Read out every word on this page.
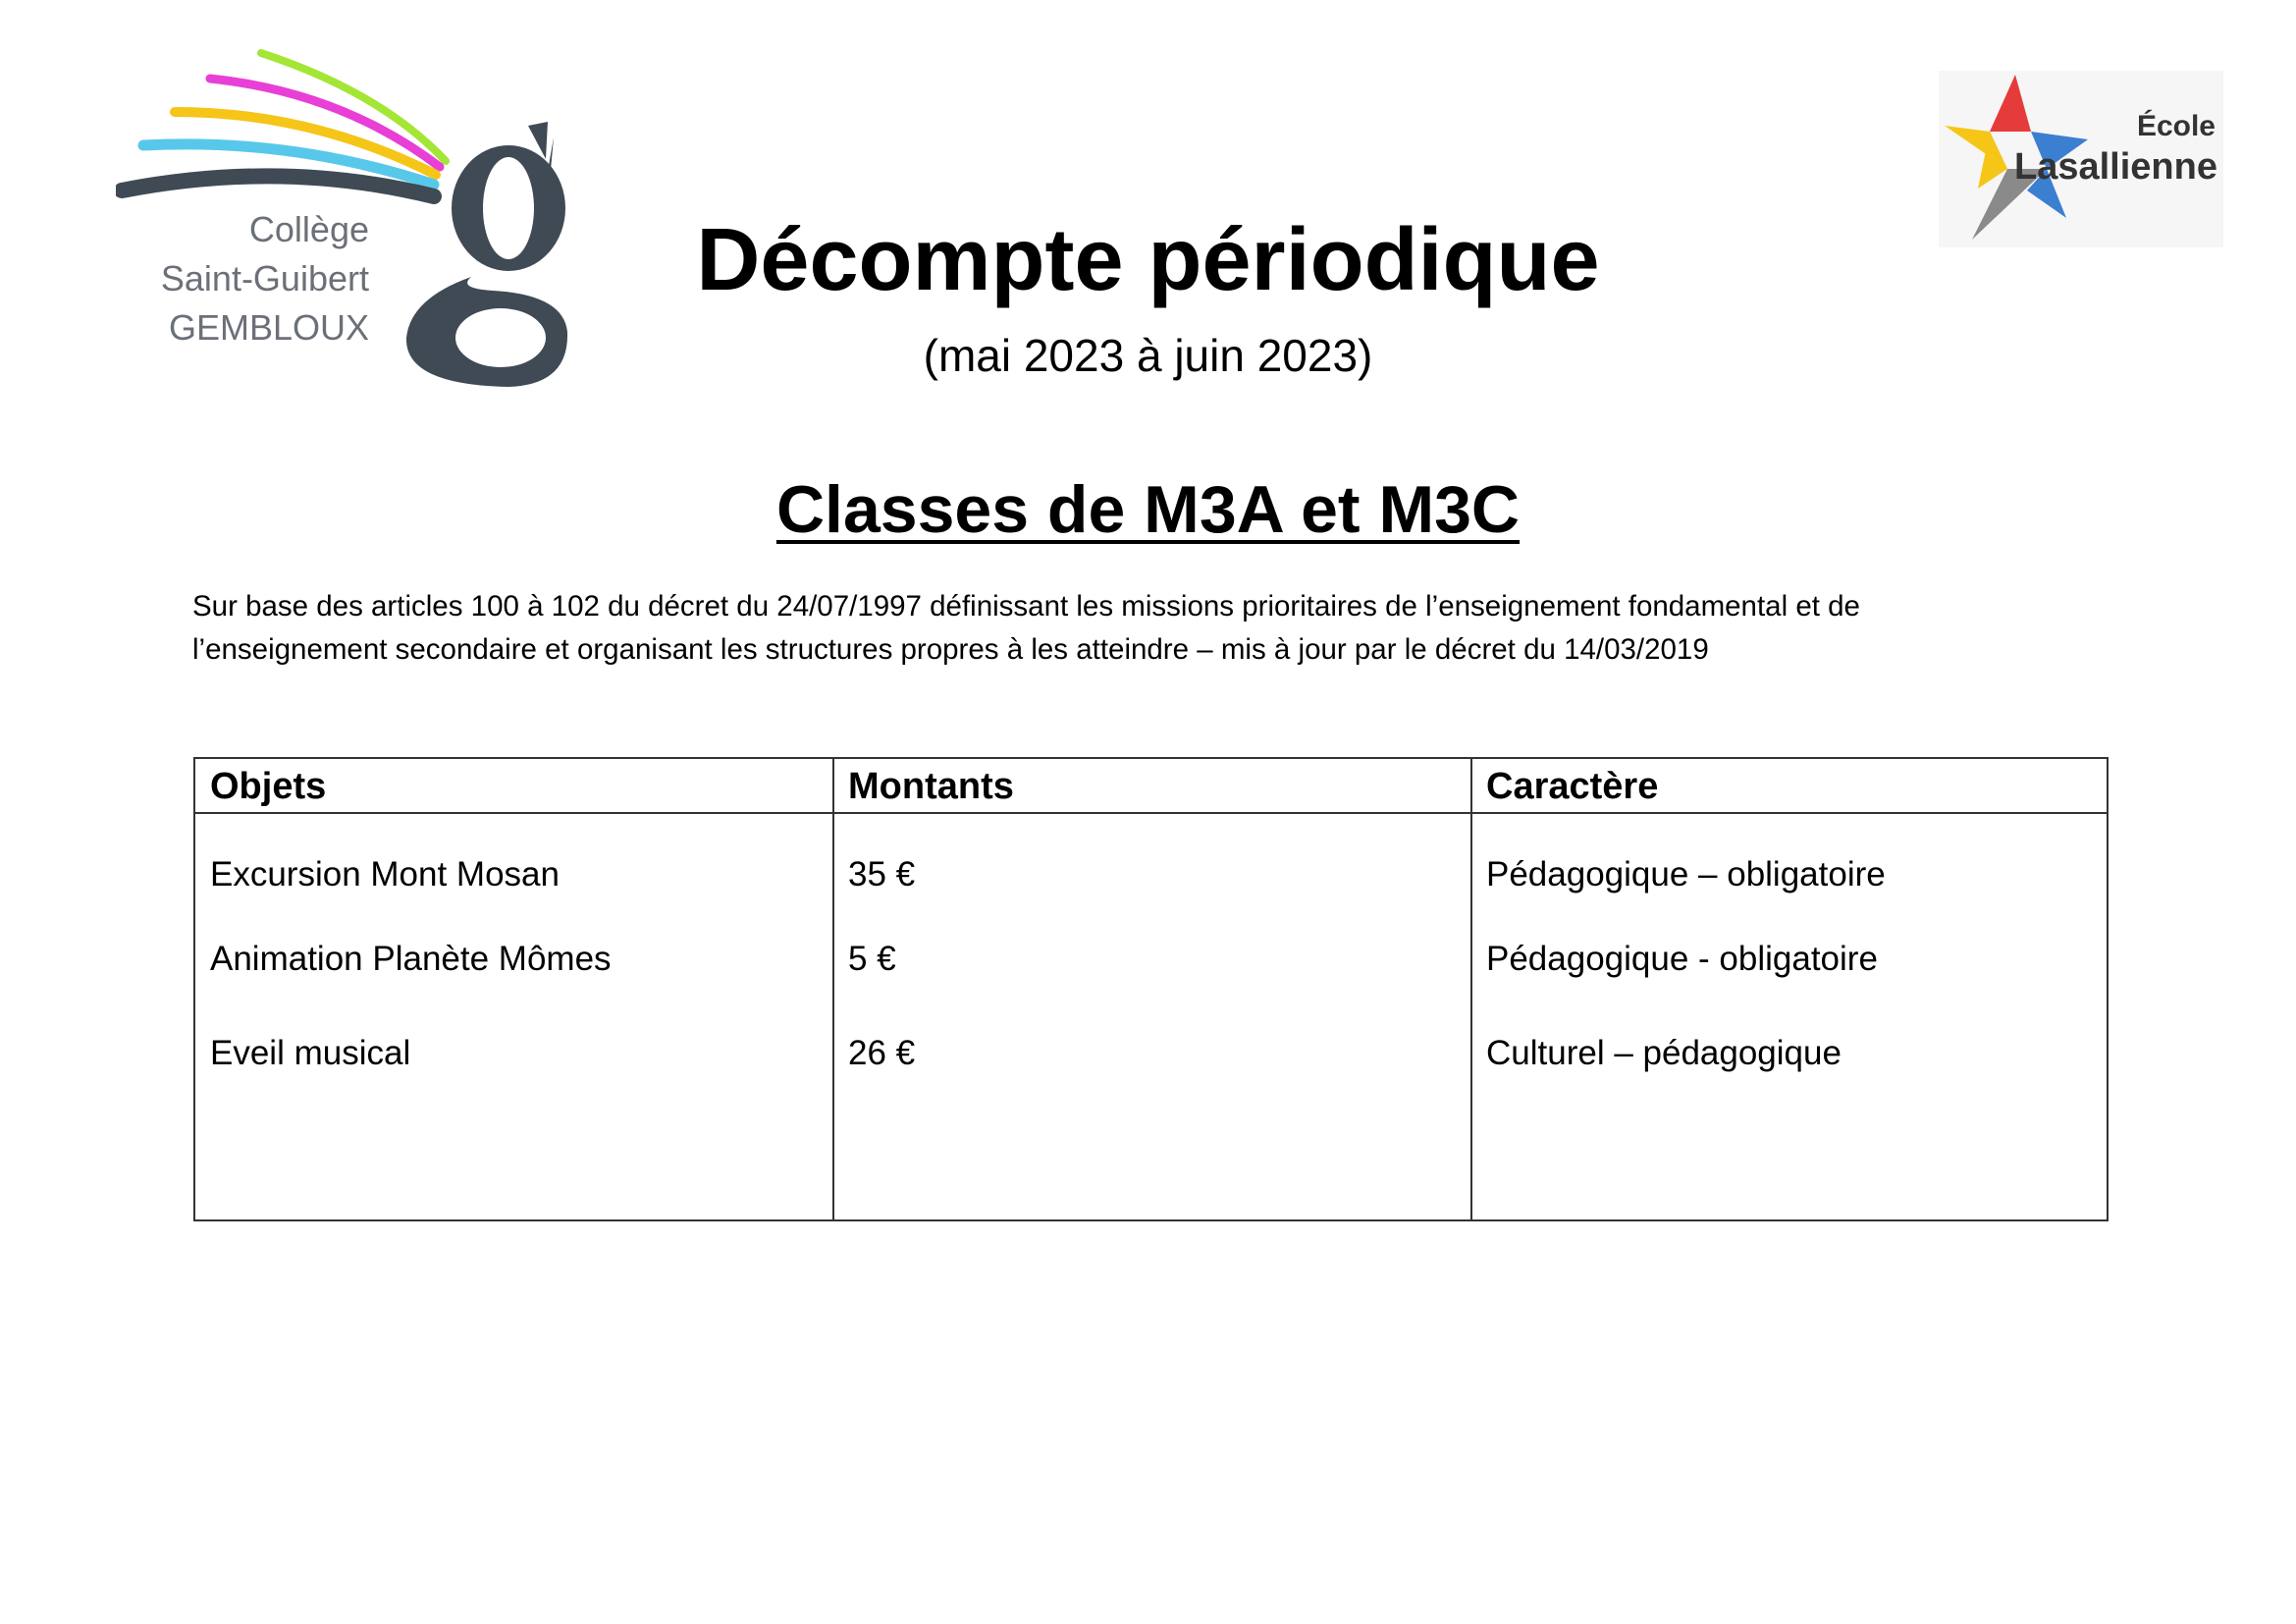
Collège
Saint-Guibert
GEMBLOUX
École
Lasallienne
Décompte périodique
(mai 2023 à juin 2023)
Classes de M3A et M3C
Sur base des articles 100 à 102 du décret du 24/07/1997 définissant les missions prioritaires de l’enseignement fondamental et de
l’enseignement secondaire et organisant les structures propres à les atteindre – mis à jour par le décret du 14/03/2019
Objets	Montants	Caractère
Excursion Mont Mosan	35 €	Pédagogique – obligatoire
Animation Planète Mômes	5 €	Pédagogique - obligatoire
Eveil musical	26 €	Culturel – pédagogique
